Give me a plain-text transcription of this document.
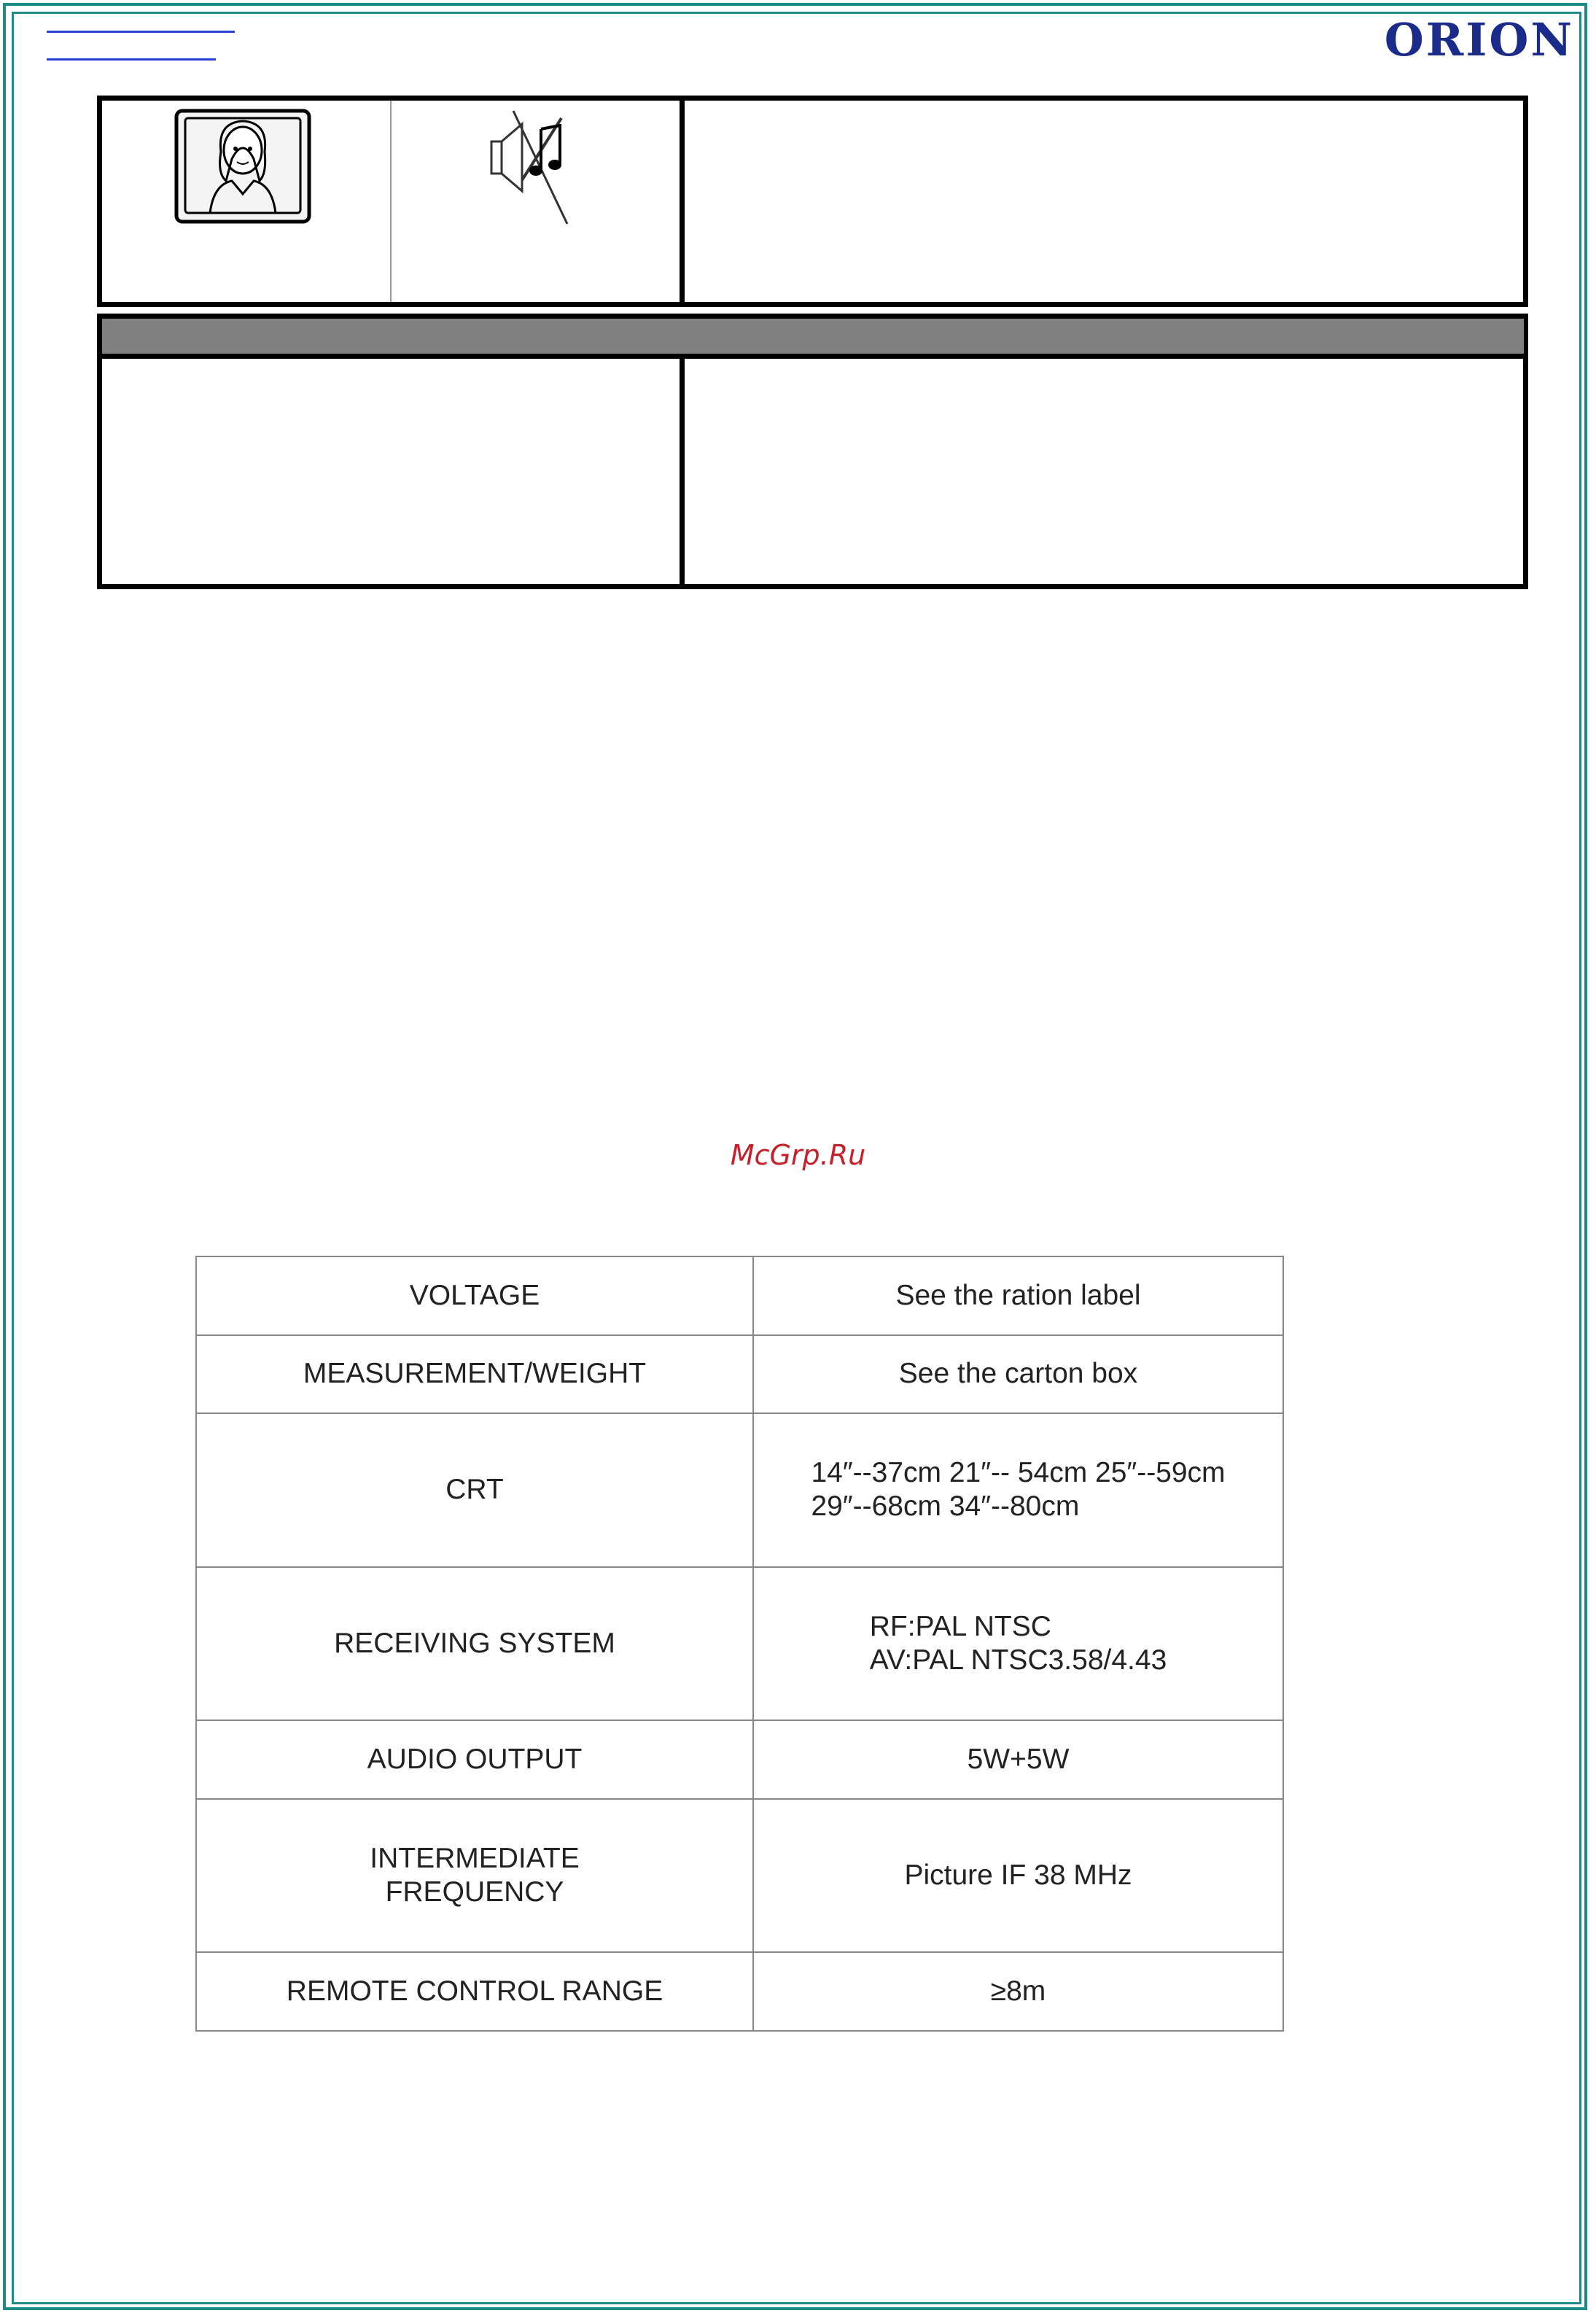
ORION
McGrp.Ru
VOLTAGE	See the ration label
MEASUREMENT/WEIGHT	See the carton box
CRT	14″--37cm 21″-- 54cm 25″--59cm
29″--68cm 34″--80cm
RECEIVING SYSTEM	RF:PAL NTSC
AV:PAL NTSC3.58/4.43
AUDIO OUTPUT	5W+5W
INTERMEDIATE
FREQUENCY	Picture IF 38 MHz
REMOTE CONTROL RANGE	≥8m
